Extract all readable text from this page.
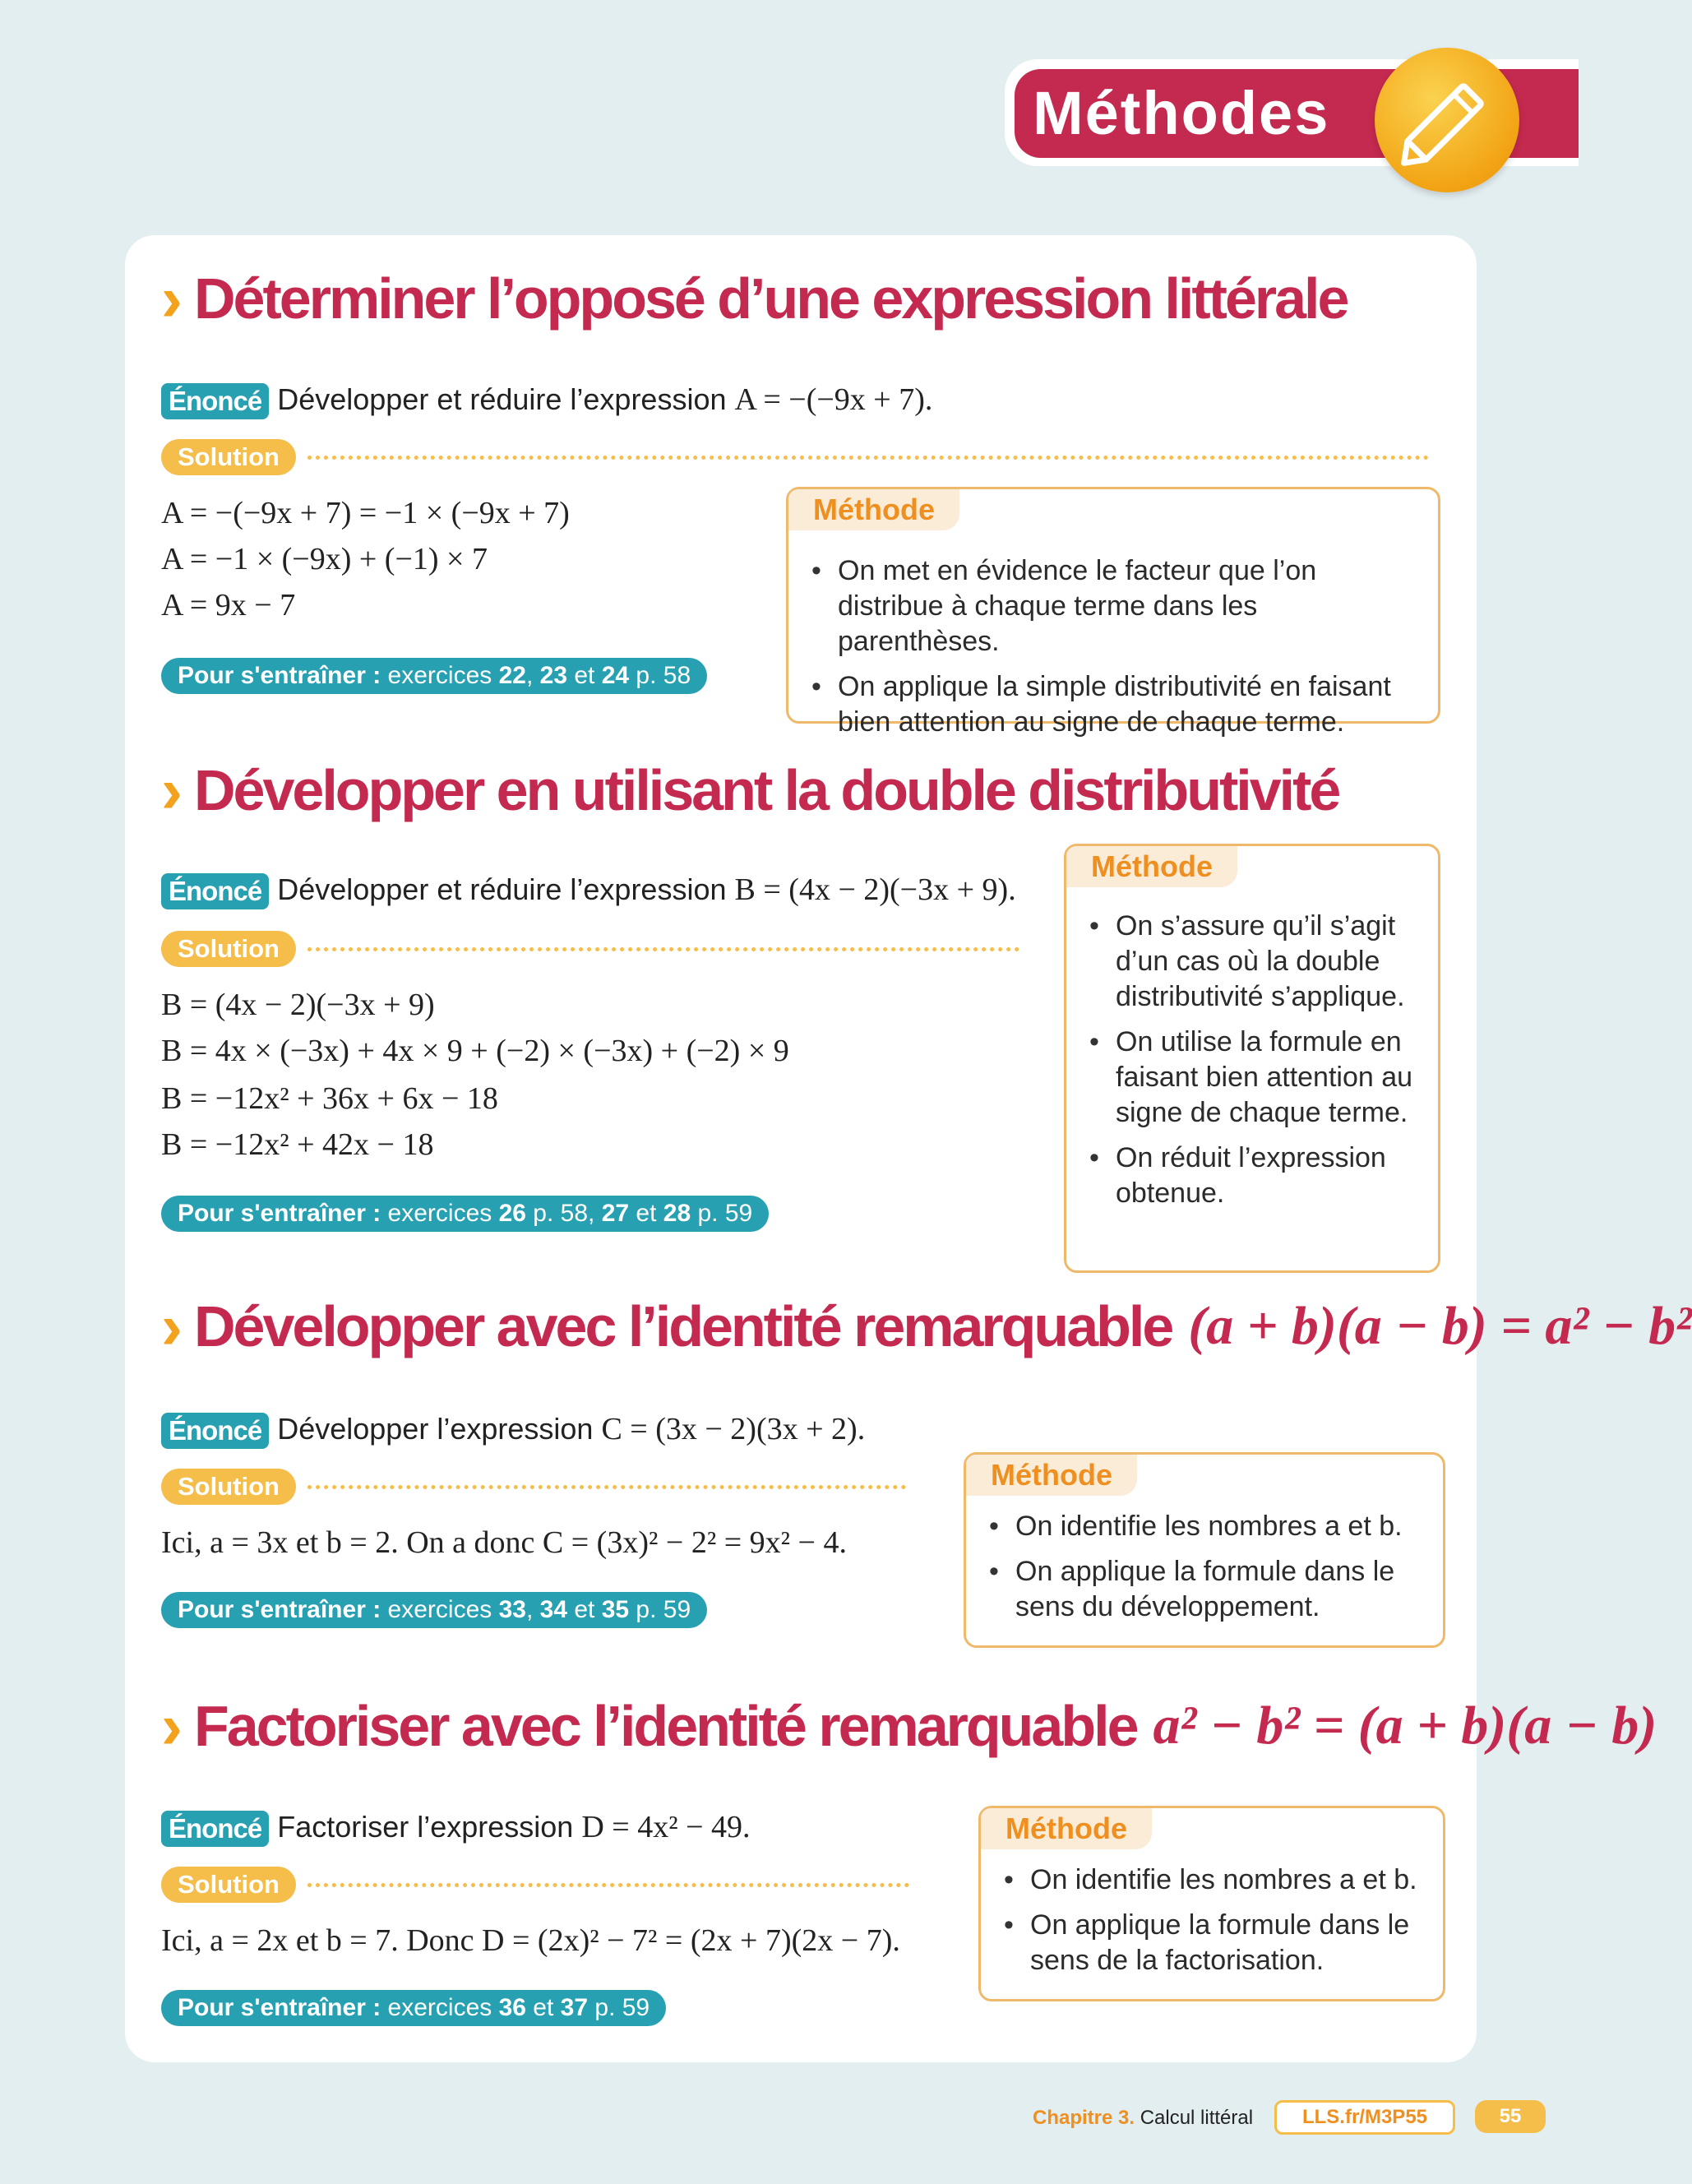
Méthodes
› Déterminer l’opposé d’une expression littérale
Énoncé Développer et réduire l’expression A = −(−9x + 7).
Solution
A = −(−9x + 7) = −1 × (−9x + 7)
A = −1 × (−9x) + (−1) × 7
A = 9x − 7
Pour s'entraîner : exercices 22, 23 et 24 p. 58
Méthode
• On met en évidence le facteur que l’on distribue à chaque terme dans les parenthèses.
• On applique la simple distributivité en faisant bien attention au signe de chaque terme.
› Développer en utilisant la double distributivité
Énoncé Développer et réduire l’expression B = (4x − 2)(−3x + 9).
Solution
B = (4x − 2)(−3x + 9)
B = 4x × (−3x) + 4x × 9 + (−2) × (−3x) + (−2) × 9
B = −12x² + 36x + 6x − 18
B = −12x² + 42x − 18
Pour s'entraîner : exercices 26 p. 58, 27 et 28 p. 59
Méthode
• On s’assure qu’il s’agit d’un cas où la double distributivité s’applique.
• On utilise la formule en faisant bien attention au signe de chaque terme.
• On réduit l’expression obtenue.
› Développer avec l’identité remarquable (a + b)(a − b) = a² − b²
Énoncé Développer l’expression C = (3x − 2)(3x + 2).
Solution
Ici, a = 3x et b = 2. On a donc C = (3x)² − 2² = 9x² − 4.
Pour s'entraîner : exercices 33, 34 et 35 p. 59
Méthode
• On identifie les nombres a et b.
• On applique la formule dans le sens du développement.
› Factoriser avec l’identité remarquable a² − b² = (a + b)(a − b)
Énoncé Factoriser l’expression D = 4x² − 49.
Solution
Ici, a = 2x et b = 7. Donc D = (2x)² − 7² = (2x + 7)(2x − 7).
Pour s'entraîner : exercices 36 et 37 p. 59
Méthode
• On identifie les nombres a et b.
• On applique la formule dans le sens de la factorisation.
Chapitre 3. Calcul littéral	LLS.fr/M3P55	55
